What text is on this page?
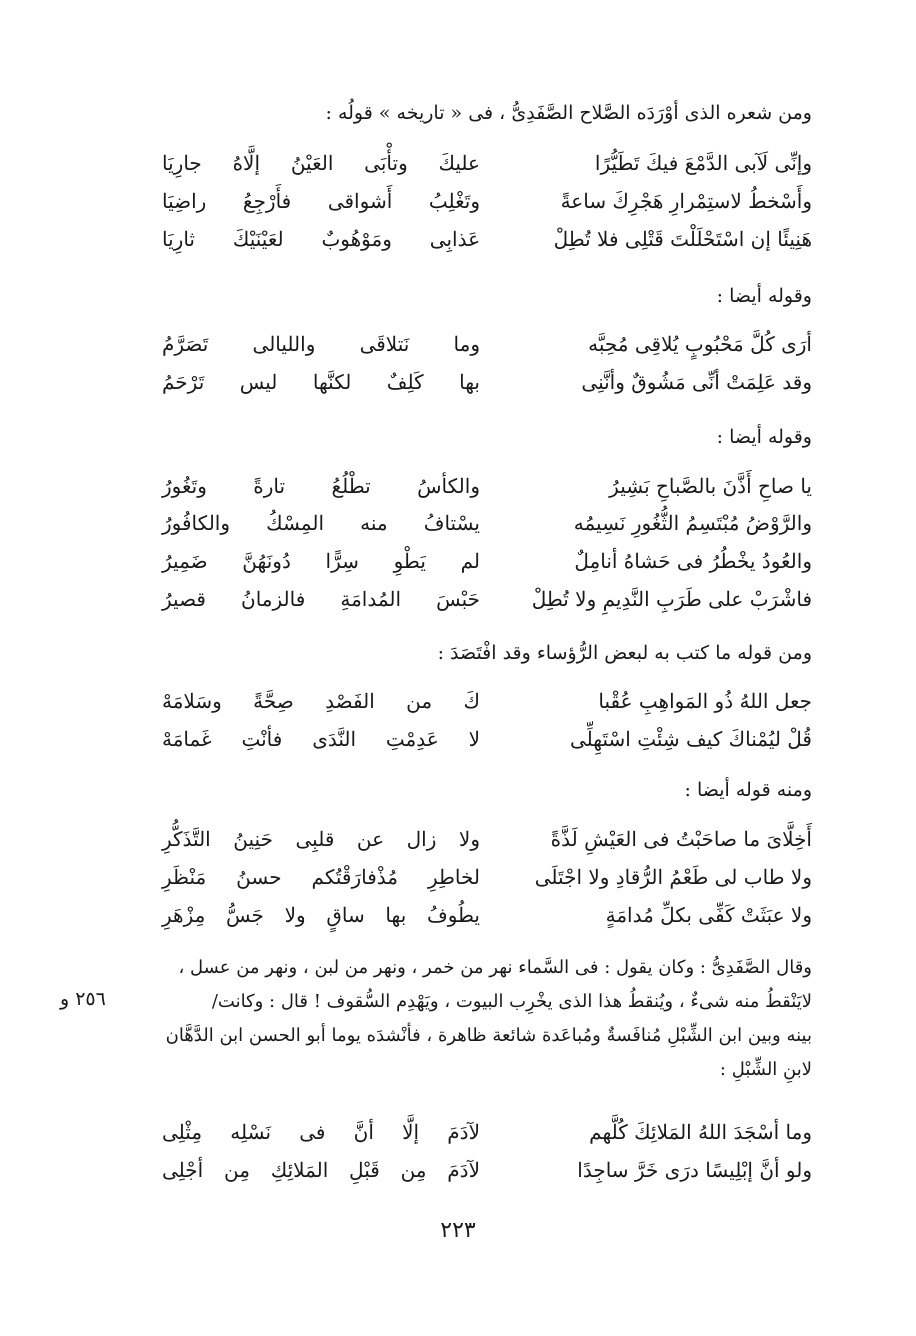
ومن شعره الذى أوْرَدَه الصَّلاح الصَّفَدِىُّ ، فى « تاريخه » قولُه :
وإنِّى لَآبى الدَّمْعَ فيكَ تَطَيُّرًا
عليكَ وتأْبَى العَيْنُ إلَّاهُ جارِيَا
وأَسْخطُ لاستِمْرارِ هَجْرِكَ ساعةً
وتَغْلِبُ أَشواقى فأَرْجِعُ راضِيَا
هَنِيئًا إن اسْتَحْلَلْتَ قَتْلِى فلا تُطِلْ
عَذابِى ومَوْهُوبٌ لعَيْنَيْكَ ثارِيَا
وقوله أيضا :
أرَى كُلَّ مَحْبُوبٍ يُلاقِى مُحِبَّه
وما نَتلاقَى والليالى تَصَرَّمُ
وقد عَلِمَتْ أنِّى مَشُوقٌ وأنَّنِى
بها كَلِفٌ لكنَّها ليس تَرْحَمُ
وقوله أيضا :
يا صاحِ أَذَّنَ بالصَّباحِ بَشِيرُ
والكأسُ تطْلُعُ تارةً وتَغُورُ
والرَّوْضُ مُبْتَسِمُ الثُّغُورِ نَسِيمُه
يسْتافُ منه المِسْكُ والكافُورُ
والعُودُ يخْطُرُ فى حَشاهُ أنامِلٌ
لم يَطْوِ سِرًّا دُونَهُنَّ ضَمِيرُ
فاشْرَبْ على طَرَبِ النَّدِيمِ ولا تُطِلْ
حَبْسَ المُدامَةِ فالزمانُ قصيرُ
ومن قوله ما كتب به لبعض الرُّؤساء وقد افْتَصَدَ :
جعل اللهُ ذُو المَواهِبِ عُقْبا
كَ من الفَصْدِ صِحَّةً وسَلامَهْ
قُلْ ليُمْناكَ كيف شِئْتِ اسْتَهِلِّى
لا عَدِمْتِ النَّدَى فأنْتِ غَمامَهْ
ومنه قوله أيضا :
أَخِلَّاىَ ما صاحَبْتُ فى العَيْشِ لَذَّةً
ولا زال عن قلبِى حَنِينُ التَّذَكُّرِ
ولا طاب لى طَعْمُ الرُّقادِ ولا اجْتَلَى
لخاطِرِ مُذْفارَقْتُكم حسنُ مَنْظَرِ
ولا عبَثَتْ كَفِّى بكلِّ مُدامَةٍ
يطُوفُ بها ساقٍ ولا جَسُّ مِزْهَرِ
وقال الصَّفَدِىُّ : وكان يقول : فى السَّماء نهر من خمر ، ونهر من لبن ، ونهر من عسل ،
لايَنْقطُ منه شىءٌ ، ويُنقطُ هذا الذى يخْرِب البيوت ، ويَهْدِم السُّقوف ! قال : وكانت/
بينه وبين ابن الشِّبْلِ مُنافَسةٌ ومُباعَدة شائعة ظاهرة ، فأنْشدَه يوما أبو الحسن ابن الدَّهَّان
لابنِ الشِّبْلِ :
٢٥٦ و
وما أسْجَدَ اللهُ المَلائِكَ كُلَّهم
لآدَمَ إلَّا أنَّ فى نَسْلِه مِثْلِى
ولو أنَّ إبْلِيسًا درَى خَرَّ ساجِدًا
لآدَمَ مِن قَبْلِ المَلائِكِ مِن أجْلِى
٢٢٣
